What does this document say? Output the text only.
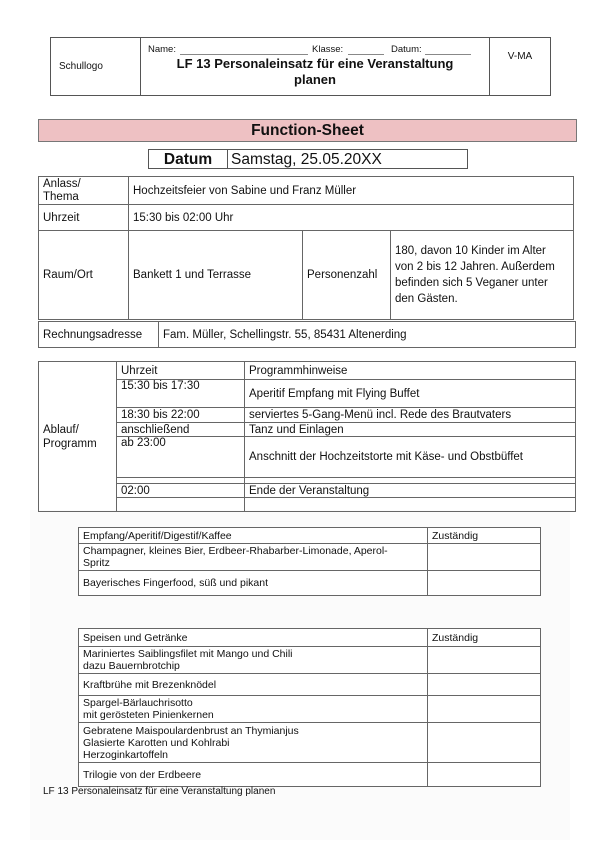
Schullogo
Name:	Klasse:	Datum:
LF 13 Personaleinsatz für eine Veranstaltung
planen
V-MA
Function-Sheet
Datum	Samstag, 25.05.20XX
Anlass/
Thema	Hochzeitsfeier von Sabine und Franz Müller		
Uhrzeit	15:30 bis 02:00 Uhr		
Raum/Ort	Bankett 1 und Terrasse	Personenzahl	180, davon 10 Kinder im Alter
von 2 bis 12 Jahren. Außerdem
befinden sich 5 Veganer unter
den Gästen.
Rechnungsadresse	Fam. Müller, Schellingstr. 55, 85431 Altenerding
Ablauf/
Programm	Uhrzeit	Programmhinweise
	15:30 bis 17:30	Aperitif Empfang mit Flying Buffet
	18:30 bis 22:00	serviertes 5-Gang-Menü incl. Rede des Brautvaters
	anschließend	Tanz und Einlagen
	ab 23:00	Anschnitt der Hochzeitstorte mit Käse- und Obstbüffet

	02:00	Ende der Veranstaltung

Empfang/Aperitif/Digestif/Kaffee	Zuständig

Champagner, kleines Bier, Erdbeer-Rhabarber-Limonade, Aperol-
Spritz	

Bayerisches Fingerfood, süß und pikant	
Speisen und Getränke	Zuständig

Mariniertes Saiblingsfilet mit Mango und Chili
dazu Bauernbrotchip	

Kraftbrühe mit Brezenknödel	

Spargel-Bärlauchrisotto
mit gerösteten Pinienkernen	

Gebratene Maispoulardenbrust an Thymianjus
Glasierte Karotten und Kohlrabi
Herzoginkartoffeln	

Trilogie von der Erdbeere	
LF 13 Personaleinsatz für eine Veranstaltung planen
